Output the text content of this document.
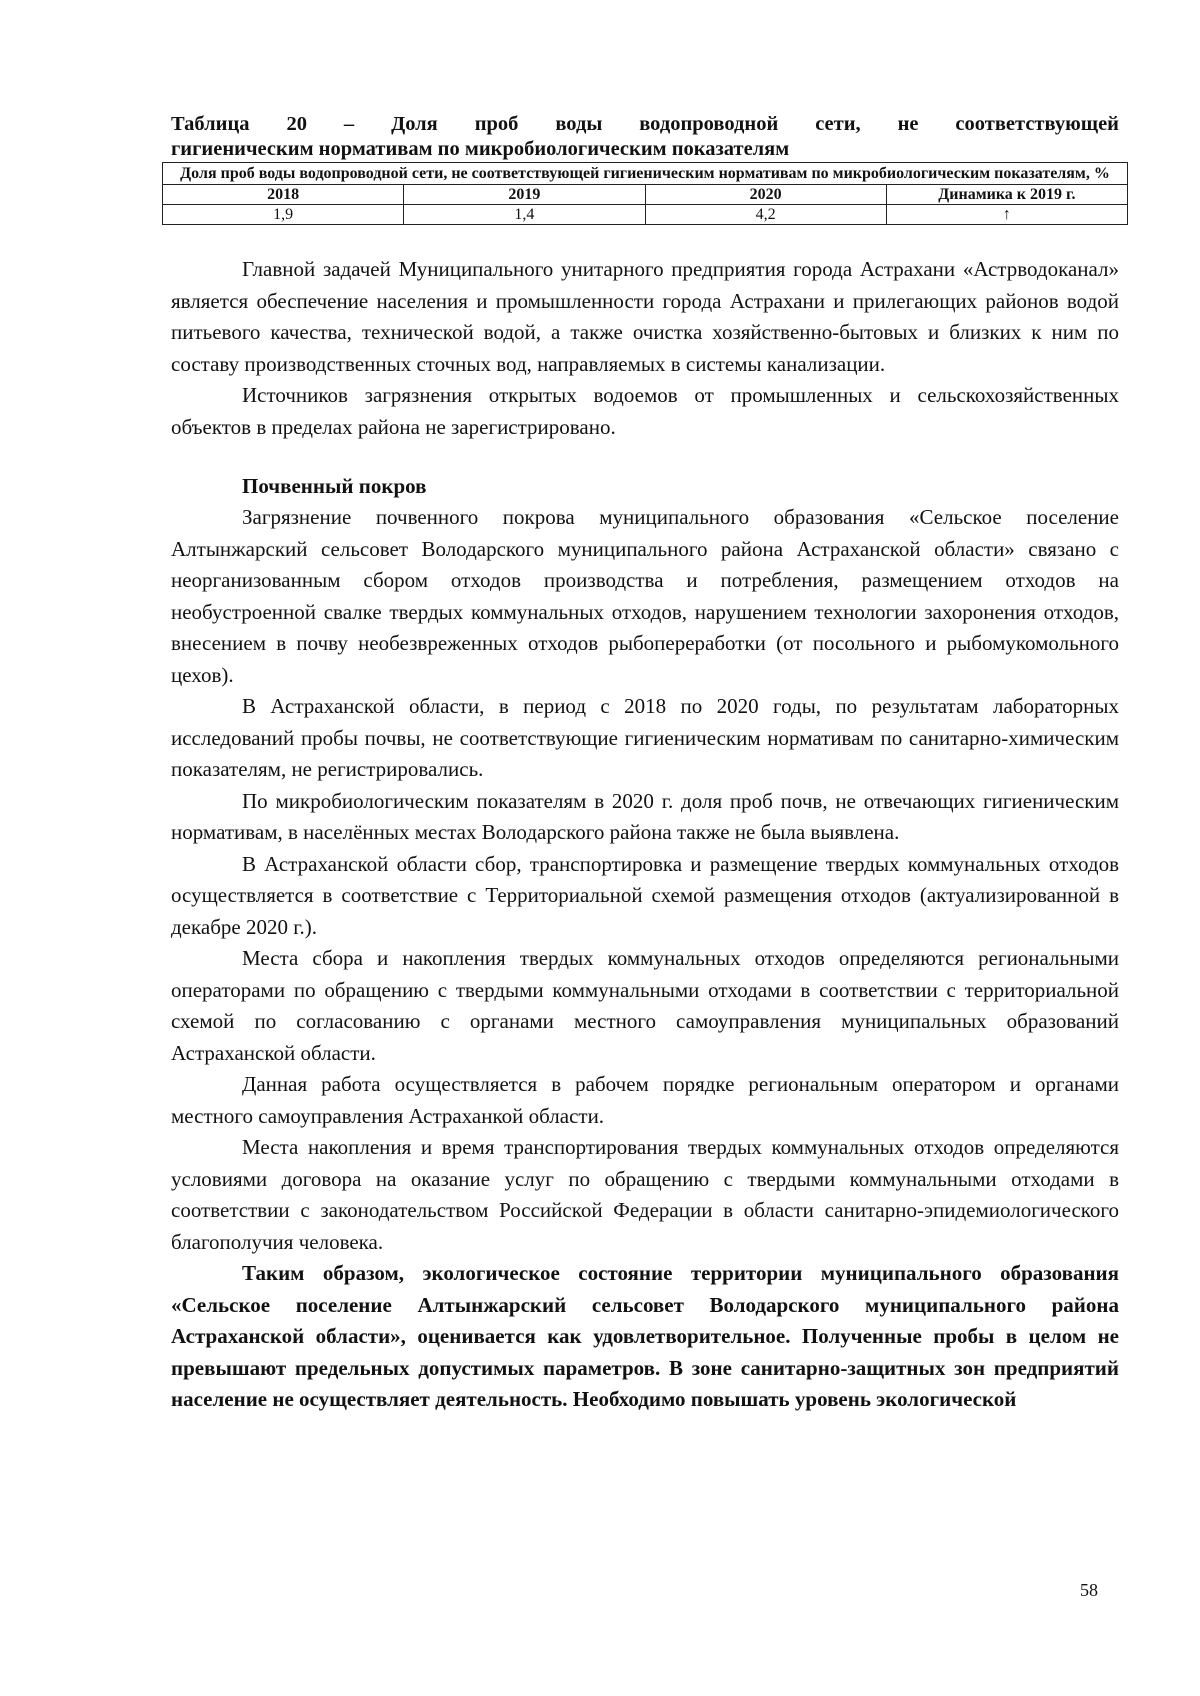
Таблица 20 – Доля проб воды водопроводной сети, не соответствующей
гигиеническим нормативам по микробиологическим показателям
Доля проб воды водопроводной сети, не соответствующей гигиеническим нормативам по микробиологическим показателям, %			
2018	2019	2020	Динамика к 2019 г.
1,9	1,4	4,2	↑

Главной задачей Муниципального унитарного предприятия города Астрахани «Астрводоканал» является обеспечение населения и промышленности города Астрахани и прилегающих районов водой питьевого качества, технической водой, а также очистка хозяйственно-бытовых и близких к ним по составу производственных сточных вод, направляемых в системы канализации.

Источников загрязнения открытых водоемов от промышленных и сельскохозяйственных объектов в пределах района не зарегистрировано.

Почвенный покров

Загрязнение почвенного покрова муниципального образования «Сельское поселение Алтынжарский сельсовет Володарского муниципального района Астраханской области» связано с неорганизованным сбором отходов производства и потребления, размещением отходов на необустроенной свалке твердых коммунальных отходов, нарушением технологии захоронения отходов, внесением в почву необезвреженных отходов рыбопереработки (от посольного и рыбомукомольного цехов).

В Астраханской области, в период с 2018 по 2020 годы, по результатам лабораторных исследований пробы почвы, не соответствующие гигиеническим нормативам по санитарно-химическим показателям, не регистрировались.

По микробиологическим показателям в 2020 г. доля проб почв, не отвечающих гигиеническим нормативам, в населённых местах Володарского района также не была выявлена.

В Астраханской области сбор, транспортировка и размещение твердых коммунальных отходов осуществляется в соответствие с Территориальной схемой размещения отходов (актуализированной в декабре 2020 г.).

Места сбора и накопления твердых коммунальных отходов определяются региональными операторами по обращению с твердыми коммунальными отходами в соответствии с территориальной схемой по согласованию с органами местного самоуправления муниципальных образований Астраханской области.

Данная работа осуществляется в рабочем порядке региональным оператором и органами местного самоуправления Астраханкой области.

Места накопления и время транспортирования твердых коммунальных отходов определяются условиями договора на оказание услуг по обращению с твердыми коммунальными отходами в соответствии с законодательством Российской Федерации в области санитарно-эпидемиологического благополучия человека.

Таким образом, экологическое состояние территории муниципального образования «Сельское поселение Алтынжарский сельсовет Володарского муниципального района Астраханской области», оценивается как удовлетворительное. Полученные пробы в целом не превышают предельных допустимых параметров. В зоне санитарно-защитных зон предприятий население не осуществляет деятельность. Необходимо повышать уровень экологической

58
